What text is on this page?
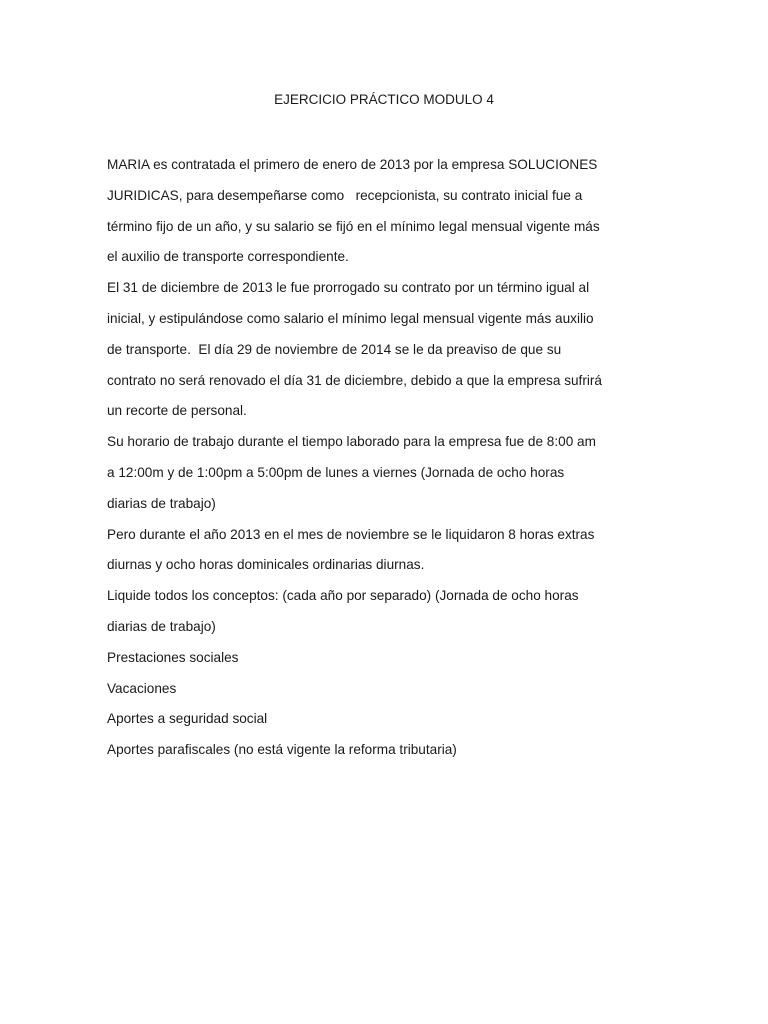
EJERCICIO PRÁCTICO MODULO 4
MARIA es contratada el primero de enero de 2013 por la empresa SOLUCIONES
JURIDICAS, para desempeñarse como   recepcionista, su contrato inicial fue a
término fijo de un año, y su salario se fijó en el mínimo legal mensual vigente más
el auxilio de transporte correspondiente.
El 31 de diciembre de 2013 le fue prorrogado su contrato por un término igual al
inicial, y estipulándose como salario el mínimo legal mensual vigente más auxilio
de transporte.  El día 29 de noviembre de 2014 se le da preaviso de que su
contrato no será renovado el día 31 de diciembre, debido a que la empresa sufrirá
un recorte de personal.
Su horario de trabajo durante el tiempo laborado para la empresa fue de 8:00 am
a 12:00m y de 1:00pm a 5:00pm de lunes a viernes (Jornada de ocho horas
diarias de trabajo)
Pero durante el año 2013 en el mes de noviembre se le liquidaron 8 horas extras
diurnas y ocho horas dominicales ordinarias diurnas.
Liquide todos los conceptos: (cada año por separado) (Jornada de ocho horas
diarias de trabajo)
Prestaciones sociales
Vacaciones
Aportes a seguridad social
Aportes parafiscales (no está vigente la reforma tributaria)
